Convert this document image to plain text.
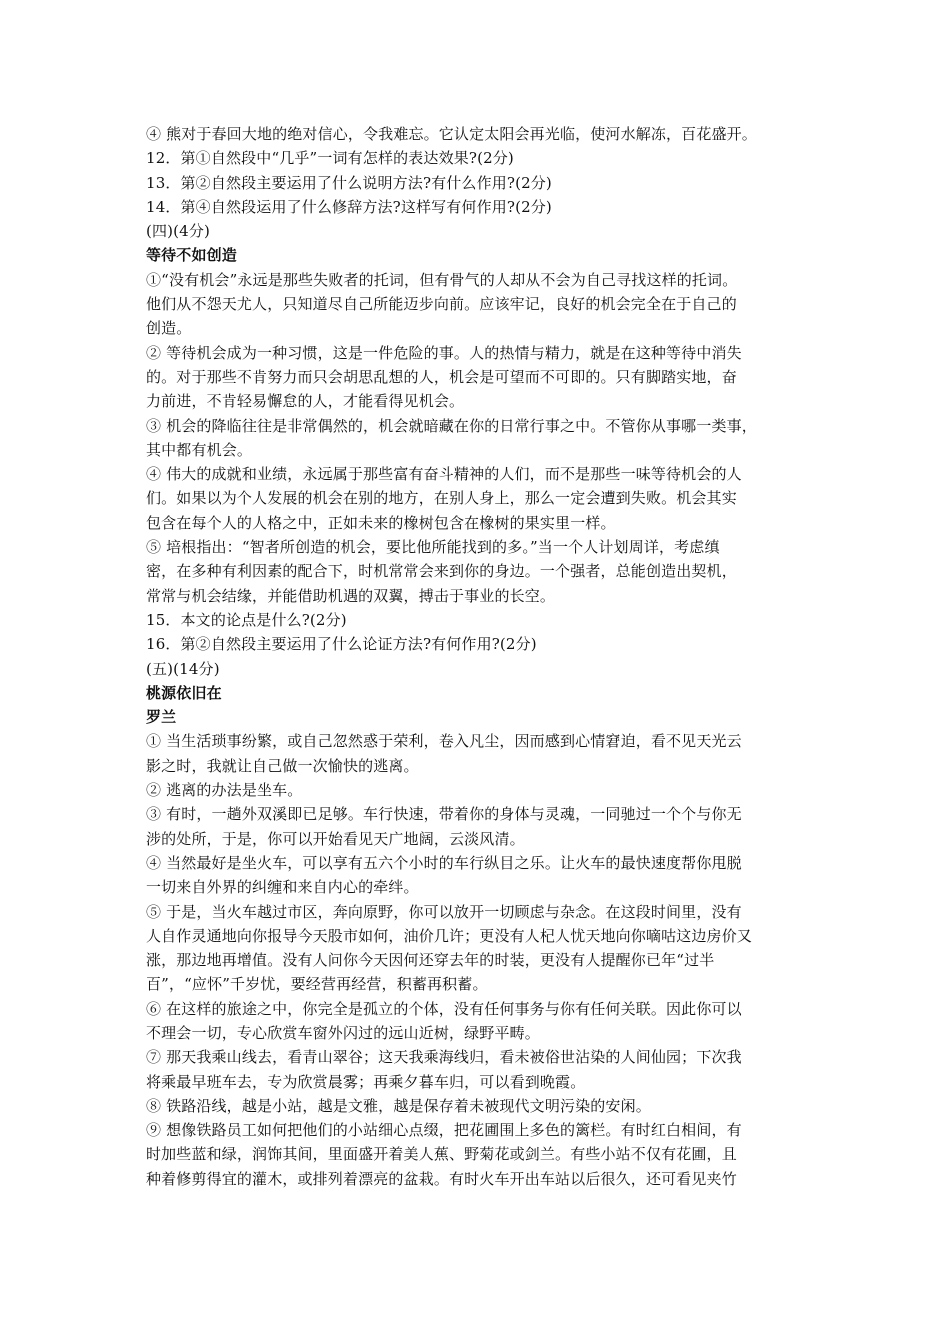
④ 熊对于春回大地的绝对信心，令我难忘。它认定太阳会再光临，使河水解冻，百花盛开。
12．第①自然段中“几乎”一词有怎样的表达效果?(2分)
13．第②自然段主要运用了什么说明方法?有什么作用?(2分)
14．第④自然段运用了什么修辞方法?这样写有何作用?(2分)
(四)(4分)
等待不如创造
①“没有机会”永远是那些失败者的托词，但有骨气的人却从不会为自己寻找这样的托词。
他们从不怨天尤人，只知道尽自己所能迈步向前。应该牢记，良好的机会完全在于自己的
创造。
② 等待机会成为一种习惯，这是一件危险的事。人的热情与精力，就是在这种等待中消失
的。对于那些不肯努力而只会胡思乱想的人，机会是可望而不可即的。只有脚踏实地，奋
力前进，不肯轻易懈怠的人，才能看得见机会。
③ 机会的降临往往是非常偶然的，机会就暗藏在你的日常行事之中。不管你从事哪一类事，
其中都有机会。
④ 伟大的成就和业绩，永远属于那些富有奋斗精神的人们，而不是那些一味等待机会的人
们。如果以为个人发展的机会在别的地方，在别人身上，那么一定会遭到失败。机会其实
包含在每个人的人格之中，正如未来的橡树包含在橡树的果实里一样。
⑤ 培根指出：“智者所创造的机会，要比他所能找到的多。”当一个人计划周详，考虑缜
密，在多种有利因素的配合下，时机常常会来到你的身边。一个强者，总能创造出契机，
常常与机会结缘，并能借助机遇的双翼，搏击于事业的长空。
15．本文的论点是什么?(2分)
16．第②自然段主要运用了什么论证方法?有何作用?(2分)
(五)(14分)
桃源依旧在
罗兰
① 当生活琐事纷繁，或自己忽然惑于荣利，卷入凡尘，因而感到心情窘迫，看不见天光云
影之时，我就让自己做一次愉快的逃离。
② 逃离的办法是坐车。
③ 有时，一趟外双溪即已足够。车行快速，带着你的身体与灵魂，一同驰过一个个与你无
涉的处所，于是，你可以开始看见天广地阔，云淡风清。
④ 当然最好是坐火车，可以享有五六个小时的车行纵目之乐。让火车的最快速度帮你甩脱
一切来自外界的纠缠和来自内心的牵绊。
⑤ 于是，当火车越过市区，奔向原野，你可以放开一切顾虑与杂念。在这段时间里，没有
人自作灵通地向你报导今天股市如何，油价几许；更没有人杞人忧天地向你嘀咕这边房价又
涨，那边地再增值。没有人问你今天因何还穿去年的时装，更没有人提醒你已年“过半
百”，“应怀”千岁忧，要经营再经营，积蓄再积蓄。
⑥ 在这样的旅途之中，你完全是孤立的个体，没有任何事务与你有任何关联。因此你可以
不理会一切，专心欣赏车窗外闪过的远山近树，绿野平畴。
⑦ 那天我乘山线去，看青山翠谷；这天我乘海线归，看未被俗世沾染的人间仙园；下次我
将乘最早班车去，专为欣赏晨雾；再乘夕暮车归，可以看到晚霞。
⑧ 铁路沿线，越是小站，越是文雅，越是保存着未被现代文明污染的安闲。
⑨ 想像铁路员工如何把他们的小站细心点缀，把花圃围上多色的篱栏。有时红白相间，有
时加些蓝和绿，润饰其间，里面盛开着美人蕉、野菊花或剑兰。有些小站不仅有花圃，且
种着修剪得宜的灌木，或排列着漂亮的盆栽。有时火车开出车站以后很久，还可看见夹竹
